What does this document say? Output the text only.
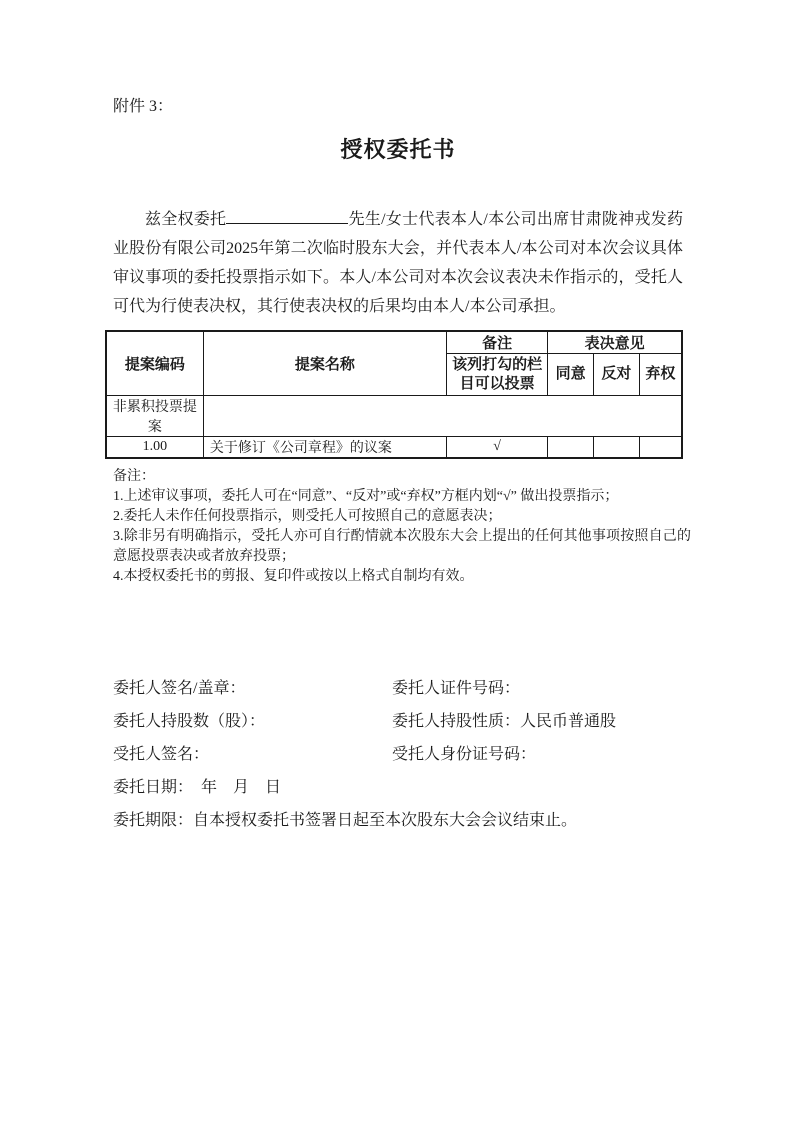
附件 3：
授权委托书

兹全权委托	先生/女士代表本人/本公司出席甘肃陇神戎发药业股份有限公司2025年第二次临时股东大会，并代表本人/本公司对本次会议具体审议事项的委托投票指示如下。本人/本公司对本次会议表决未作指示的，受托人可代为行使表决权，其行使表决权的后果均由本人/本公司承担。

提案编码	提案名称	备注	表决意见		
		该列打勾的栏目可以投票	同意	反对	弃权
非累积投票提案					
1.00	关于修订《公司章程》的议案	√			

备注：

1.上述审议事项，委托人可在“同意”、“反对”或“弃权”方框内划“√” 做出投票指示；

2.委托人未作任何投票指示，则受托人可按照自己的意愿表决；

3.除非另有明确指示，受托人亦可自行酌情就本次股东大会上提出的任何其他事项按照自己的意愿投票表决或者放弃投票；

4.本授权委托书的剪报、复印件或按以上格式自制均有效。

委托人签名/盖章：	委托人证件号码：
委托人持股数（股）：	委托人持股性质：人民币普通股
受托人签名：	受托人身份证号码：
委托日期：　年　月　日
委托期限：自本授权委托书签署日起至本次股东大会会议结束止。
